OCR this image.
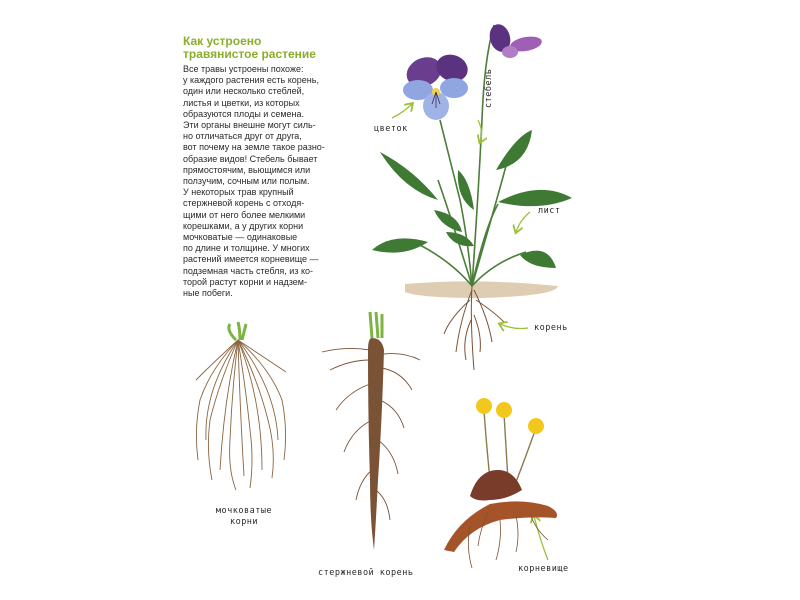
Как устроено
травянистое растение
Все травы устроены похоже:
у каждого растения есть корень,
один или несколько стеблей,
листья и цветки, из которых
образуются плоды и семена.
Эти органы внешне могут силь-
но отличаться друг от друга,
вот почему на земле такое разно-
образие видов! Стебель бывает
прямостоячим, вьющимся или
ползучим, сочным или полым.
У некоторых трав крупный
стержневой корень с отходя-
щими от него более мелкими
корешками, а у других корни
мочковатые — одинаковые
по длине и толщине. У многих
растений имеется корневище —
подземная часть стебля, из ко-
торой растут корни и надзем-
ные побеги.
цветок
стебель
лист
корень
мочковатые
корни
стержневой корень	корневище
